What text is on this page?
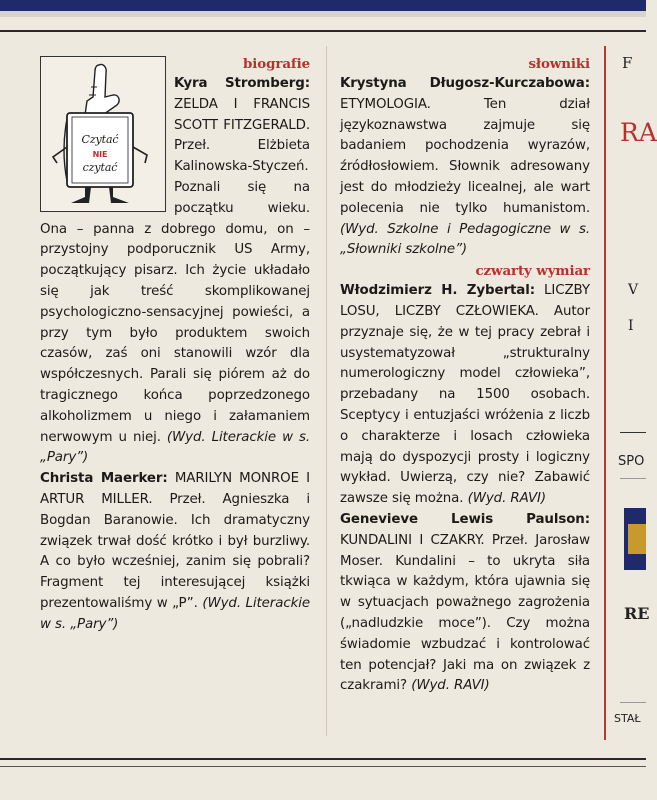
Czytać
NIE
czytać
biografie

Kyra Stromberg: ZELDA I FRANCIS SCOTT FITZGERALD. Przeł. Elżbieta Kalinowska-Styczeń. Poznali się na początku wieku. Ona – panna z dobrego domu, on – przystojny podporucznik US Army, początkujący pisarz. Ich życie układało się jak treść skomplikowanej psychologiczno-sensacyjnej powieści, a przy tym było produktem swoich czasów, zaś oni stanowili wzór dla współczesnych. Parali się piórem aż do tragicznego końca poprzedzonego alkoholizmem u niego i załamaniem nerwowym u niej. (Wyd. Literackie w s. „Pary”)

Christa Maerker: MARILYN MONROE I ARTUR MILLER. Przeł. Agnieszka i Bogdan Baranowie. Ich dramatyczny związek trwał dość krótko i był burzliwy. A co było wcześniej, zanim się pobrali? Fragment tej interesującej książki prezentowaliśmy w „P”. (Wyd. Literackie w s. „Pary”)

słowniki

Krystyna Długosz-Kurczabowa: ETYMOLOGIA. Ten dział językoznawstwa zajmuje się badaniem pochodzenia wyrazów, źródłosłowiem. Słownik adresowany jest do młodzieży licealnej, ale wart polecenia nie tylko humanistom. (Wyd. Szkolne i Pedagogiczne w s. „Słowniki szkolne”)

czwarty wymiar

Włodzimierz H. Zybertal: LICZBY LOSU, LICZBY CZŁOWIEKA. Autor przyznaje się, że w tej pracy zebrał i usystematyzował „strukturalny numerologiczny model człowieka”, przebadany na 1500 osobach. Sceptycy i entuzjaści wróżenia z liczb o charakterze i losach człowieka mają do dyspozycji prosty i logiczny wykład. Uwierzą, czy nie? Zabawić zawsze się można. (Wyd. RAVI)

Genevieve Lewis Paulson: KUNDALINI I CZAKRY. Przeł. Jarosław Moser. Kundalini – to ukryta siła tkwiąca w każdym, która ujawnia się w sytuacjach poważnego zagrożenia („nadludzkie moce”). Czy można świadomie wzbudzać i kontrolować ten potencjał? Jaki ma on związek z czakrami? (Wyd. RAVI)

F
RA
V
I
SPO
RE
STAŁ
